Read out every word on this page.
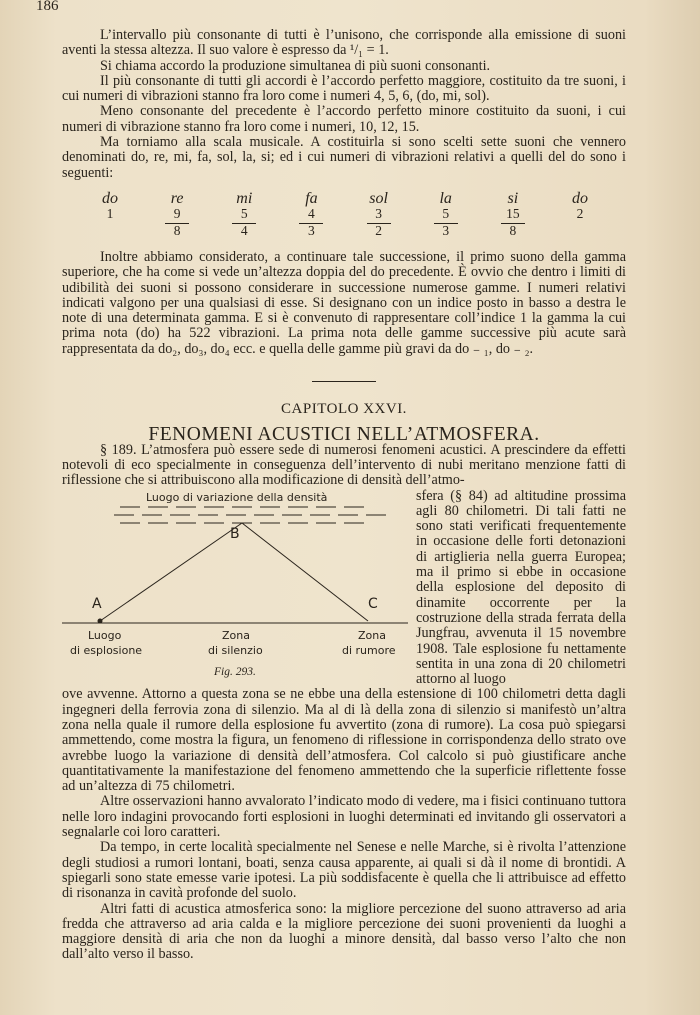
186

L’intervallo più consonante di tutti è l’unisono, che corrisponde alla emissione di suoni aventi la stessa altezza. Il suo valore è espresso da ¹/₁ = 1.

Si chiama accordo la produzione simultanea di più suoni consonanti.

Il più consonante di tutti gli accordi è l’accordo perfetto maggiore, costituito da tre suoni, i cui numeri di vibrazioni stanno fra loro come i numeri 4, 5, 6, (do, mi, sol).

Meno consonante del precedente è l’accordo perfetto minore costituito da suoni, i cui numeri di vibrazione stanno fra loro come i numeri, 10, 12, 15.

Ma torniamo alla scala musicale. A costituirla si sono scelti sette suoni che vennero denominati do, re, mi, fa, sol, la, si; ed i cui numeri di vibrazioni relativi a quelli del do sono i seguenti:

do
1
re
9
8
mi
5
4
fa
4
3
sol
3
2
la
5
3
si
15
8
do
2

Inoltre abbiamo considerato, a continuare tale successione, il primo suono della gamma superiore, che ha come si vede un’altezza doppia del do precedente. È ovvio che dentro i limiti di udibilità dei suoni si possono considerare in successione numerose gamme. I numeri relativi indicati valgono per una qualsiasi di esse. Si designano con un indice posto in basso a destra le note di una determinata gamma. E si è convenuto di rappresentare coll’indice 1 la gamma la cui prima nota (do) ha 522 vibrazioni. La prima nota delle gamme successive più acute sarà rappresentata da do₂, do₃, do₄ ecc. e quella delle gamme più gravi da do ₋ ₁, do ₋ ₂.

CAPITOLO XXVI.
FENOMENI ACUSTICI NELL’ATMOSFERA.

§ 189. L’atmosfera può essere sede di numerosi fenomeni acustici. A prescindere da effetti notevoli di eco specialmente in conseguenza dell’intervento di nubi meritano menzione fatti di riflessione che si attribuiscono alla modificazione di densità dell’atmo-

Luogo di variazione della densità
B
A	C
Luogo
di esplosione
Zona
di silenzio
Zona
di rumore
Fig. 293.

sfera (§ 84) ad altitudine prossima agli 80 chilometri. Di tali fatti ne sono stati verificati frequentemente in occasione delle forti detonazioni di artiglieria nella guerra Europea; ma il primo si ebbe in occasione della esplosione del deposito di dinamite occorrente per la costruzione della strada ferrata della Jungfrau, avvenuta il 15 novembre 1908. Tale esplosione fu nettamente sentita in una zona di 20 chilometri attorno al luogo

ove avvenne. Attorno a questa zona se ne ebbe una della estensione di 100 chilometri detta dagli ingegneri della ferrovia zona di silenzio. Ma al di là della zona di silenzio si manifestò un’altra zona nella quale il rumore della esplosione fu avvertito (zona di rumore). La cosa può spiegarsi ammettendo, come mostra la figura, un fenomeno di riflessione in corrispondenza dello strato ove avrebbe luogo la variazione di densità dell’atmosfera. Col calcolo si può giustificare anche quantitativamente la manifestazione del fenomeno ammettendo che la superficie riflettente fosse ad un’altezza di 75 chilometri.

Altre osservazioni hanno avvalorato l’indicato modo di vedere, ma i fisici continuano tuttora nelle loro indagini provocando forti esplosioni in luoghi determinati ed invitando gli osservatori a segnalarle coi loro caratteri.

Da tempo, in certe località specialmente nel Senese e nelle Marche, si è rivolta l’attenzione degli studiosi a rumori lontani, boati, senza causa apparente, ai quali si dà il nome di brontidi. A spiegarli sono state emesse varie ipotesi. La più soddisfacente è quella che li attribuisce ad effetto di risonanza in cavità profonde del suolo.

Altri fatti di acustica atmosferica sono: la migliore percezione del suono attraverso ad aria fredda che attraverso ad aria calda e la migliore percezione dei suoni provenienti da luoghi a maggiore densità di aria che non da luoghi a minore densità, dal basso verso l’alto che non dall’alto verso il basso.
